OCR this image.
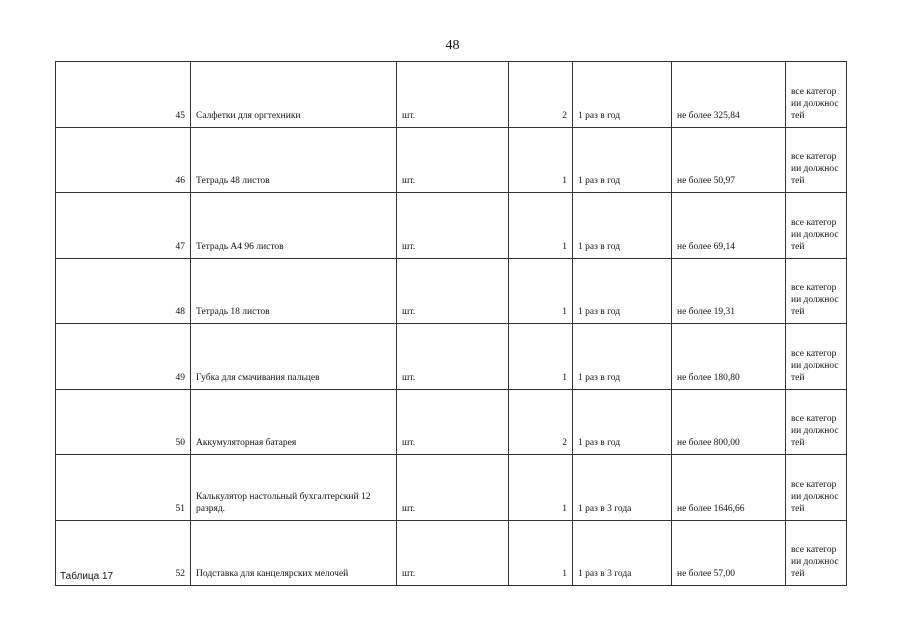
48
45	Салфетки для оргтехники	шт.	2	1 раз в год	не более 325,84	все категории должностей
46	Тетрадь 48 листов	шт.	1	1 раз в год	не более 50,97	все категории должностей
47	Тетрадь А4 96 листов	шт.	1	1 раз в год	не более 69,14	все категории должностей
48	Тетрадь 18 листов	шт.	1	1 раз в год	не более 19,31	все категории должностей
49	Губка для смачивания пальцев	шт.	1	1 раз в год	не более 180,80	все категории должностей
50	Аккумуляторная батарея	шт.	2	1 раз в год	не более 800,00	все категории должностей
51	Калькулятор настольный бухгалтерский 12 разряд.	шт.	1	1 раз в 3 года	не более 1646,66	все категории должностей
52	Подставка для канцелярских мелочей	шт.	1	1 раз в 3 года	не более 57,00	все категории должностей
Таблица 17
